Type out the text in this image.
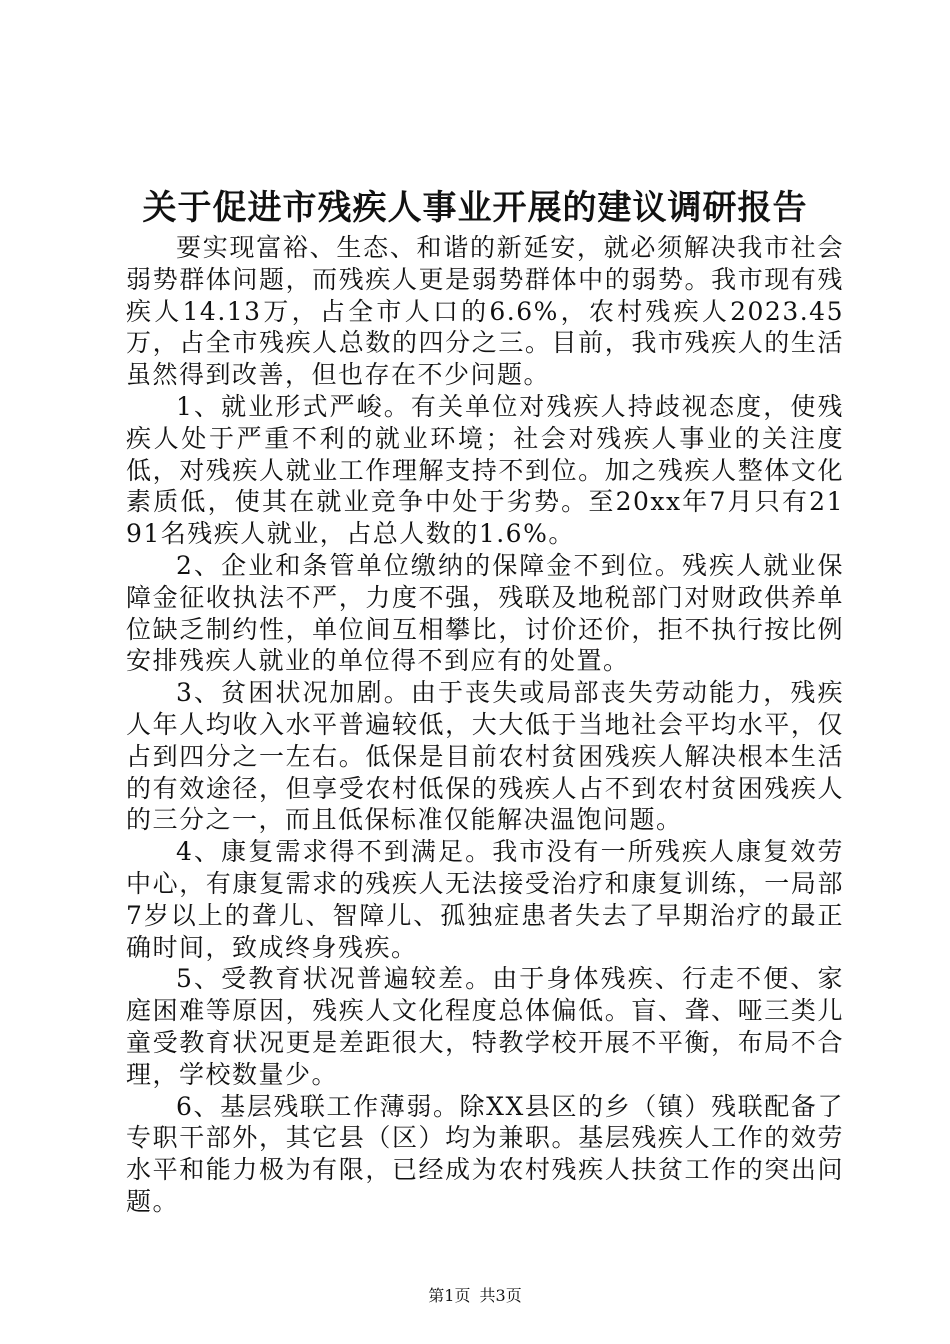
关于促进市残疾人事业开展的建议调研报告

要实现富裕、生态、和谐的新延安，就必须解决我市社会弱势群体问题，而残疾人更是弱势群体中的弱势。我市现有残疾人14.13万，占全市人口的6.6%，农村残疾人2023.45万，占全市残疾人总数的四分之三。目前，我市残疾人的生活虽然得到改善，但也存在不少问题。

1、就业形式严峻。有关单位对残疾人持歧视态度，使残疾人处于严重不利的就业环境；社会对残疾人事业的关注度低，对残疾人就业工作理解支持不到位。加之残疾人整体文化素质低，使其在就业竞争中处于劣势。至20xx年7月只有2191名残疾人就业，占总人数的1.6%。

2、企业和条管单位缴纳的保障金不到位。残疾人就业保障金征收执法不严，力度不强，残联及地税部门对财政供养单位缺乏制约性，单位间互相攀比，讨价还价，拒不执行按比例安排残疾人就业的单位得不到应有的处置。

3、贫困状况加剧。由于丧失或局部丧失劳动能力，残疾人年人均收入水平普遍较低，大大低于当地社会平均水平，仅占到四分之一左右。低保是目前农村贫困残疾人解决根本生活的有效途径，但享受农村低保的残疾人占不到农村贫困残疾人的三分之一，而且低保标准仅能解决温饱问题。

4、康复需求得不到满足。我市没有一所残疾人康复效劳中心，有康复需求的残疾人无法接受治疗和康复训练，一局部7岁以上的聋儿、智障儿、孤独症患者失去了早期治疗的最正确时间，致成终身残疾。

5、受教育状况普遍较差。由于身体残疾、行走不便、家庭困难等原因，残疾人文化程度总体偏低。盲、聋、哑三类儿童受教育状况更是差距很大，特教学校开展不平衡，布局不合理，学校数量少。

6、基层残联工作薄弱。除XX县区的乡（镇）残联配备了专职干部外，其它县（区）均为兼职。基层残疾人工作的效劳水平和能力极为有限，已经成为农村残疾人扶贫工作的突出问题。

第1页 共3页
